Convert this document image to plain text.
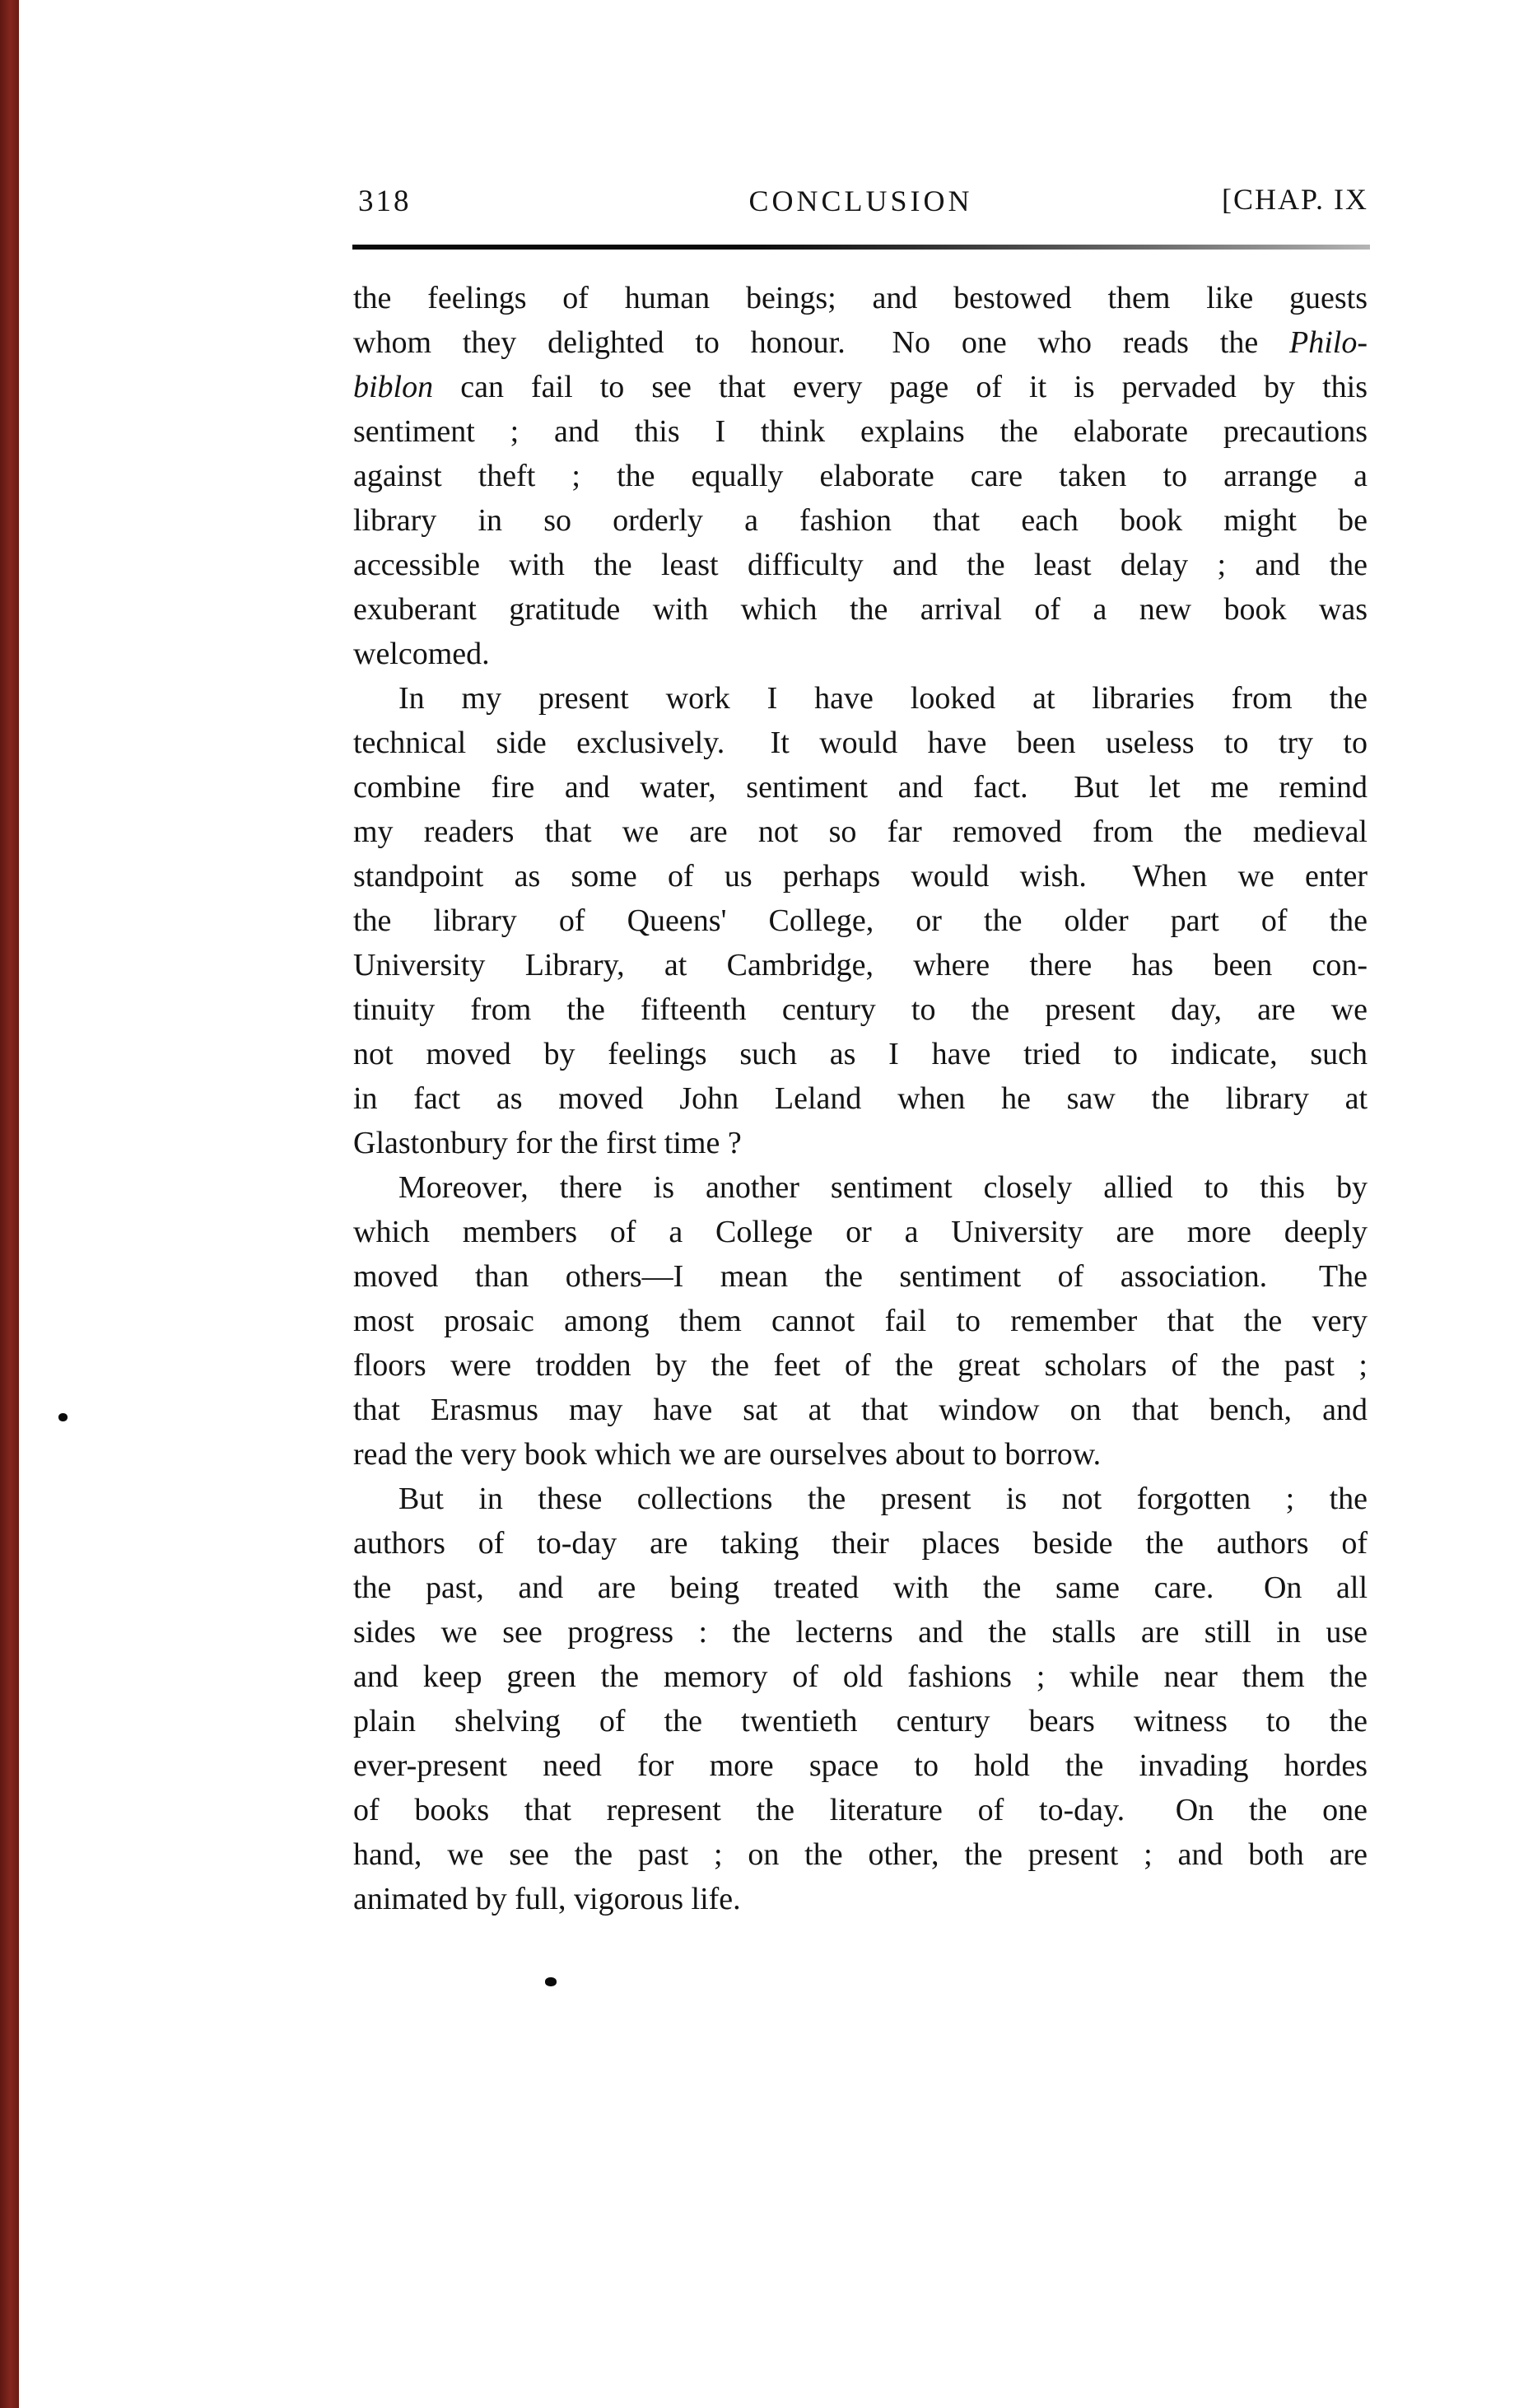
318	CONCLUSION	[CHAP. IX
the feelings of human beings; and bestowed them like guests
whom they delighted to honour.  No one who reads the Philo-
biblon can fail to see that every page of it is pervaded by this
sentiment ; and this I think explains the elaborate precautions
against theft ; the equally elaborate care taken to arrange a
library in so orderly a fashion that each book might be
accessible with the least difficulty and the least delay ; and the
exuberant gratitude with which the arrival of a new book was
welcomed.
In my present work I have looked at libraries from the
technical side exclusively.  It would have been useless to try to
combine fire and water, sentiment and fact.  But let me remind
my readers that we are not so far removed from the medieval
standpoint as some of us perhaps would wish.  When we enter
the library of Queens' College, or the older part of the
University Library, at Cambridge, where there has been con-
tinuity from the fifteenth century to the present day, are we
not moved by feelings such as I have tried to indicate, such
in fact as moved John Leland when he saw the library at
Glastonbury for the first time ?
Moreover, there is another sentiment closely allied to this by
which members of a College or a University are more deeply
moved than others—I mean the sentiment of association.  The
most prosaic among them cannot fail to remember that the very
floors were trodden by the feet of the great scholars of the past ;
that Erasmus may have sat at that window on that bench, and
read the very book which we are ourselves about to borrow.
But in these collections the present is not forgotten ; the
authors of to-day are taking their places beside the authors of
the past, and are being treated with the same care.  On all
sides we see progress : the lecterns and the stalls are still in use
and keep green the memory of old fashions ; while near them the
plain shelving of the twentieth century bears witness to the
ever-present need for more space to hold the invading hordes
of books that represent the literature of to-day.  On the one
hand, we see the past ; on the other, the present ; and both are
animated by full, vigorous life.
